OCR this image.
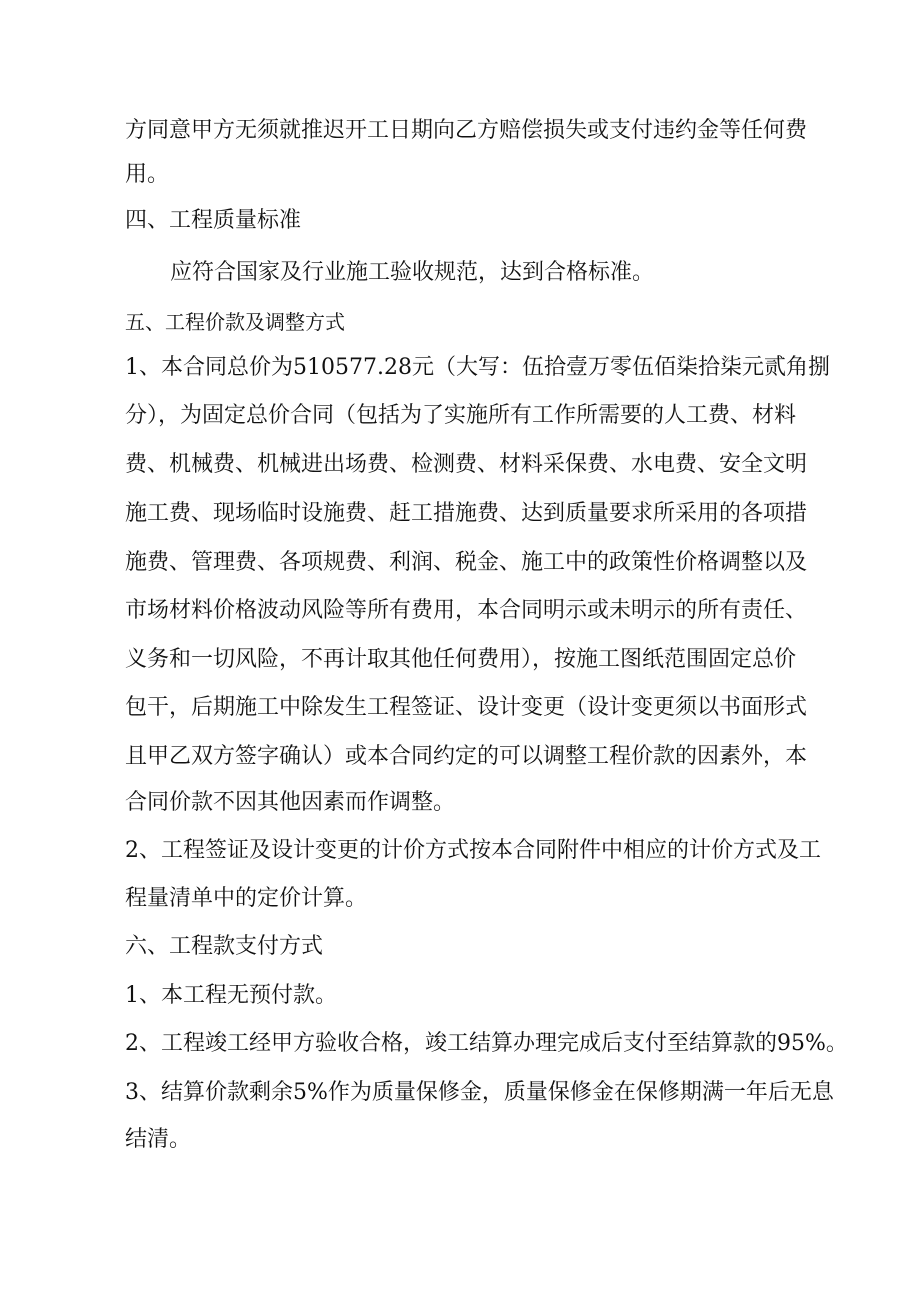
方同意甲方无须就推迟开工日期向乙方赔偿损失或支付违约金等任何费

用。

四、工程质量标准

应符合国家及行业施工验收规范，达到合格标准。

五、工程价款及调整方式

1、本合同总价为510577.28元（大写：伍拾壹万零伍佰柒拾柒元贰角捌

分），为固定总价合同（包括为了实施所有工作所需要的人工费、材料

费、机械费、机械进出场费、检测费、材料采保费、水电费、安全文明

施工费、现场临时设施费、赶工措施费、达到质量要求所采用的各项措

施费、管理费、各项规费、利润、税金、施工中的政策性价格调整以及

市场材料价格波动风险等所有费用，本合同明示或未明示的所有责任、

义务和一切风险，不再计取其他任何费用），按施工图纸范围固定总价

包干，后期施工中除发生工程签证、设计变更（设计变更须以书面形式

且甲乙双方签字确认）或本合同约定的可以调整工程价款的因素外，本

合同价款不因其他因素而作调整。

2、工程签证及设计变更的计价方式按本合同附件中相应的计价方式及工

程量清单中的定价计算。

六、工程款支付方式

1、本工程无预付款。

2、工程竣工经甲方验收合格，竣工结算办理完成后支付至结算款的95%。

3、结算价款剩余5%作为质量保修金，质量保修金在保修期满一年后无息

结清。
